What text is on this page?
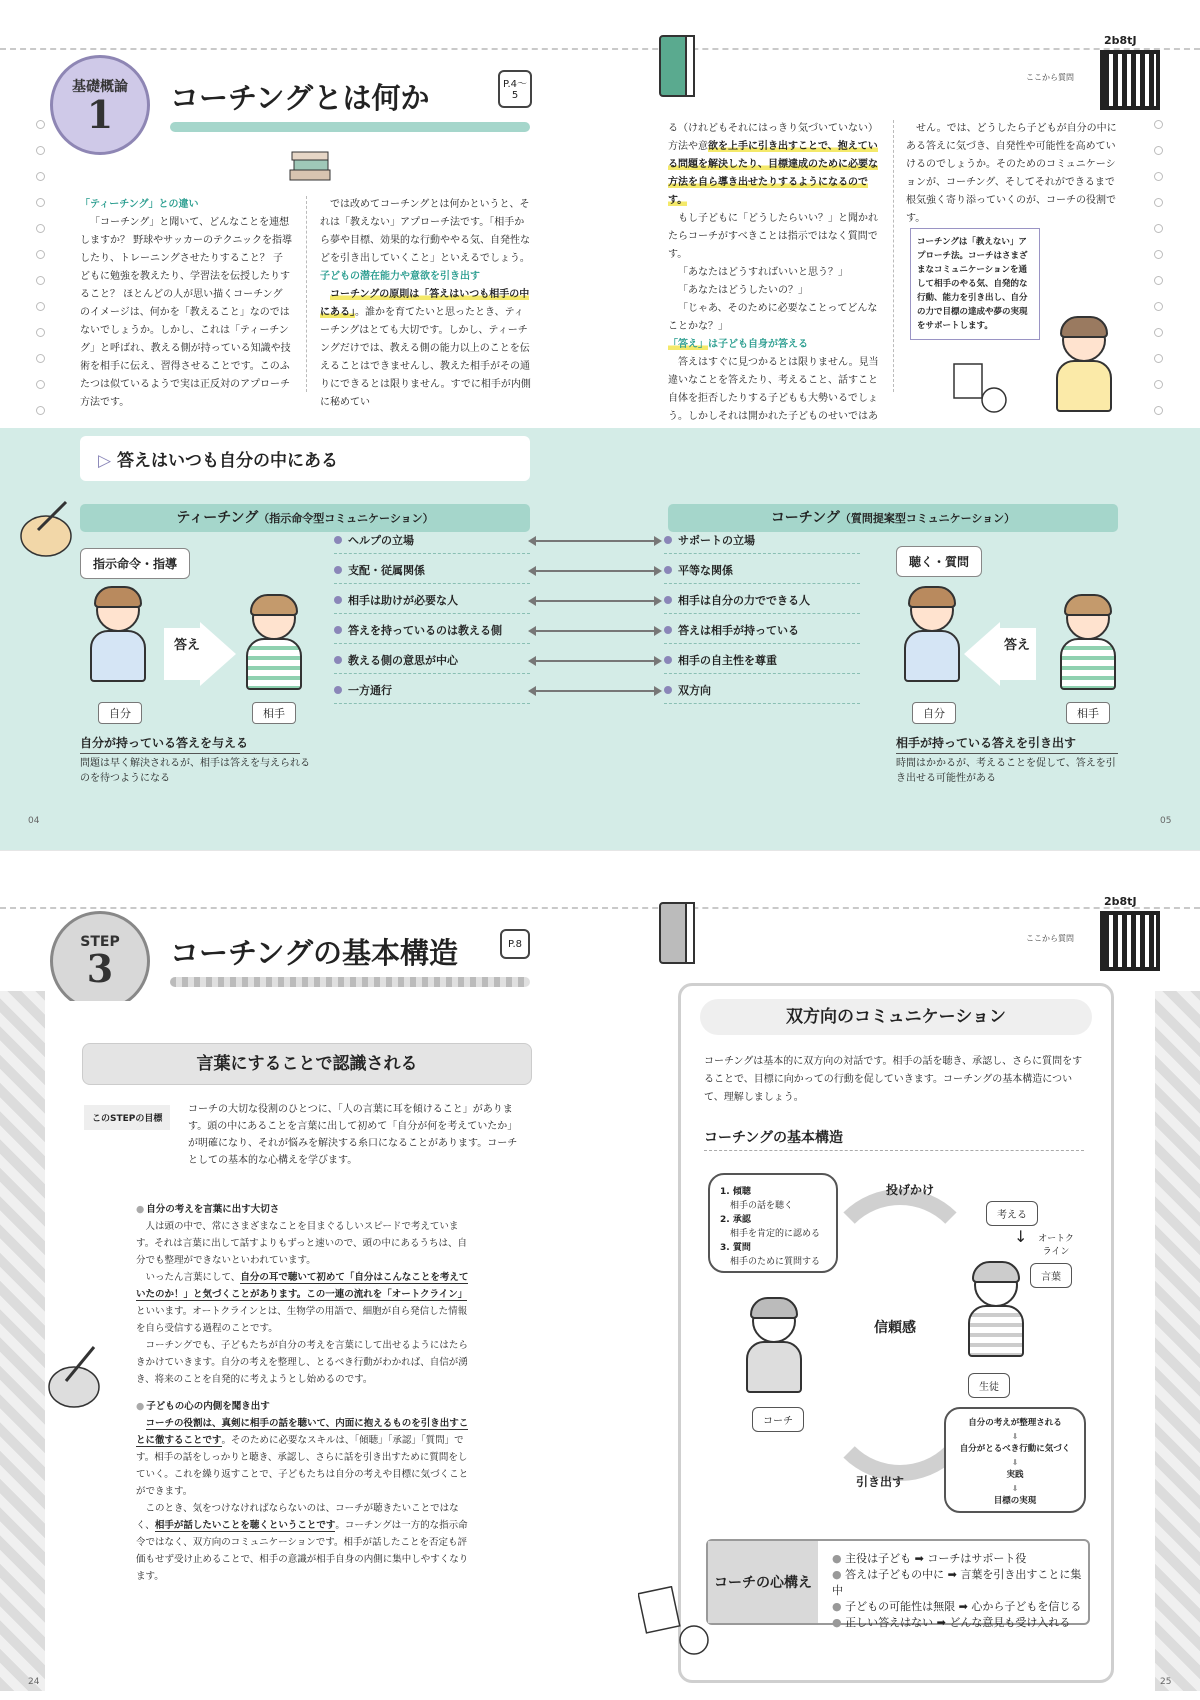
基礎概論
1 コーチングとは何か	P.4〜5
2b8tJ
ここから質問

「ティーチング」との違い

「コーチング」と聞いて、どんなことを連想しますか？ 野球やサッカーのテクニックを指導したり、トレーニングさせたりすること？ 子どもに勉強を教えたり、学習法を伝授したりすること？ ほとんどの人が思い描くコーチングのイメージは、何かを「教えること」なのではないでしょうか。しかし、これは「ティーチング」と呼ばれ、教える側が持っている知識や技術を相手に伝え、習得させることです。このふたつは似ているようで実は正反対のアプローチ方法です。

では改めてコーチングとは何かというと、それは「教えない」アプローチ法です。「相手から夢や目標、効果的な行動ややる気、自発性などを引き出していくこと」といえるでしょう。

子どもの潜在能力や意欲を引き出す

コーチングの原則は「答えはいつも相手の中にある」。誰かを育てたいと思ったとき、ティーチングはとても大切です。しかし、ティーチングだけでは、教える側の能力以上のことを伝えることはできませんし、教えた相手がその通りにできるとは限りません。すでに相手が内側に秘めてい

る（けれどもそれにはっきり気づいていない）方法や意欲を上手に引き出すことで、抱えている問題を解決したり、目標達成のために必要な方法を自ら導き出せたりするようになるのです。

もし子どもに「どうしたらいい？」と聞かれたらコーチがすべきことは指示ではなく質問です。

「あなたはどうすればいいと思う？」

「あなたはどうしたいの？」

「じゃあ、そのために必要なことってどんなことかな？」

「答え」は子ども自身が答える

答えはすぐに見つかるとは限りません。見当違いなことを答えたり、考えること、話すこと自体を拒否したりする子どもも大勢いるでしょう。しかしそれは開かれた子どものせいではあ

せん。では、どうしたら子どもが自分の中にある答えに気づき、自発性や可能性を高めていけるのでしょうか。そのためのコミュニケーションが、コーチング、そしてそれができるまで根気強く寄り添っていくのが、コーチの役割です。

コーチングは「教えない」アプローチ法。コーチはさまざまなコミュニケーションを通して相手のやる気、自発的な行動、能力を引き出し、自分の力で目標の達成や夢の実現をサポートします。
▷ 答えはいつも自分の中にある
ティーチング（指示命令型コミュニケーション）	コーチング（質問提案型コミュニケーション）
指示命令・指導	聴く・質問
答え
自分	相手
自分が持っている答えを与える
問題は早く解決されるが、相手は答えを与えられるのを待つようになる
ヘルプの立場	サポートの立場
支配・従属関係	平等な関係
相手は助けが必要な人	相手は自分の力でできる人
答えを持っているのは教える側	答えは相手が持っている
教える側の意思が中心	相手の自主性を尊重
一方通行	双方向
答え
自分	相手
相手が持っている答えを引き出す
時間はかかるが、考えることを促して、答えを引き出せる可能性がある
04	05
STEP
3 コーチングの基本構造	P.8
2b8tJ
ここから質問
言葉にすることで認識される
このSTEPの目標

コーチの大切な役割のひとつに、「人の言葉に耳を傾けること」があります。頭の中にあることを言葉に出して初めて「自分が何を考えていたか」が明確になり、それが悩みを解決する糸口になることがあります。コーチとしての基本的な心構えを学びます。

● 自分の考えを言葉に出す大切さ

人は頭の中で、常にさまざまなことを目まぐるしいスピードで考えています。それは言葉に出して話すよりもずっと速いので、頭の中にあるうちは、自分でも整理ができないといわれています。

いったん言葉にして、自分の耳で聴いて初めて「自分はこんなことを考えていたのか！」と気づくことがあります。この一連の流れを「オートクライン」といいます。オートクラインとは、生物学の用語で、細胞が自ら発信した情報を自ら受信する過程のことです。

コーチングでも、子どもたちが自分の考えを言葉にして出せるようにはたらきかけていきます。自分の考えを整理し、とるべき行動がわかれば、自信が湧き、将来のことを自発的に考えようとし始めるのです。

● 子どもの心の内側を聞き出す

コーチの役割は、真剣に相手の話を聴いて、内面に抱えるものを引き出すことに徹することです。そのために必要なスキルは、「傾聴」「承認」「質問」です。相手の話をしっかりと聴き、承認し、さらに話を引き出すために質問をしていく。これを繰り返すことで、子どもたちは自分の考えや目標に気づくことができます。

このとき、気をつけなければならないのは、コーチが聴きたいことではなく、相手が話したいことを聴くということです。コーチングは一方的な指示命令ではなく、双方向のコミュニケーションです。相手が話したことを否定も評価もせず受け止めることで、相手の意識が相手自身の内側に集中しやすくなります。

双方向のコミュニケーション

コーチングは基本的に双方向の対話です。相手の話を聴き、承認し、さらに質問をすることで、目標に向かっての行動を促していきます。コーチングの基本構造について、理解しましょう。

コーチングの基本構造
1. 傾聴
相手の話を聴く
2. 承認
相手を肯定的に認める
3. 質問
相手のために質問する
投げかけ
考える
↓ オートクライン
言葉
生徒
信頼感
コーチ
引き出す
自分の考えが整理される
⬇
自分がとるべき行動に気づく
⬇
実践
⬇
目標の実現
コーチの心構え
● 主役は子ども ➡ コーチはサポート役
● 答えは子どもの中に ➡ 言葉を引き出すことに集中
● 子どもの可能性は無限 ➡ 心から子どもを信じる
● 正しい答えはない ➡ どんな意見も受け入れる
24	25
